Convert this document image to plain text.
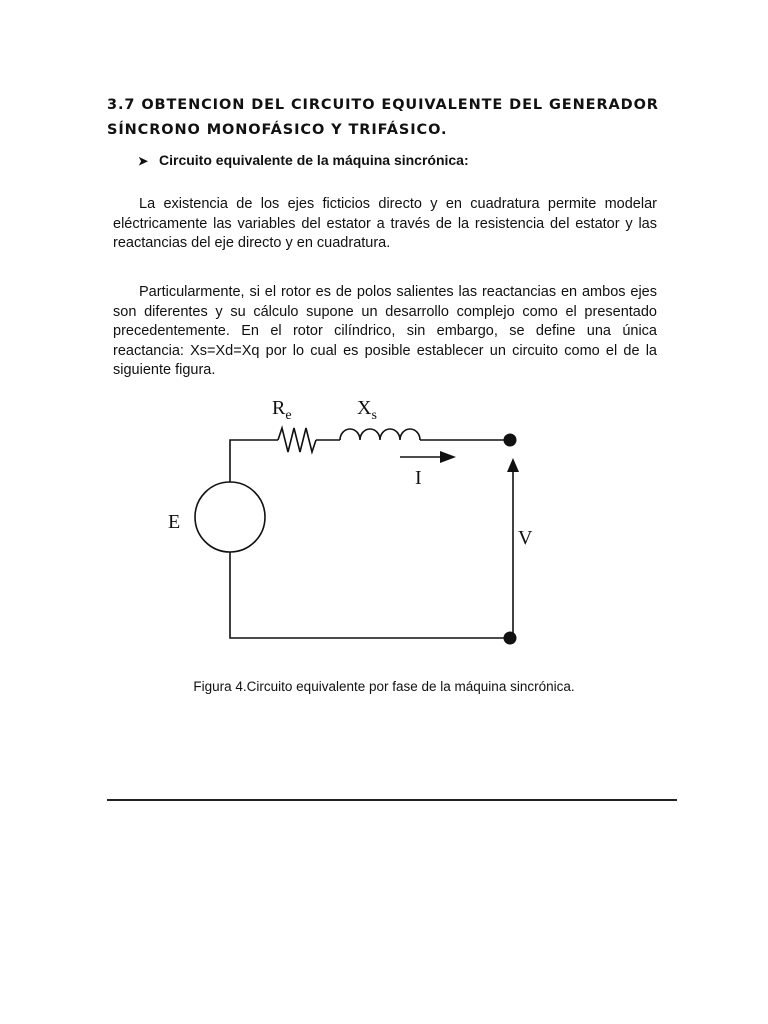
3.7 OBTENCION DEL CIRCUITO EQUIVALENTE DEL GENERADOR SÍNCRONO MONOFÁSICO Y TRIFÁSICO.
➤ Circuito equivalente de la máquina sincrónica:

La existencia de los ejes ficticios directo y en cuadratura permite modelar eléctricamente las variables del estator a través de la resistencia del estator y las reactancias del eje directo y en cuadratura.

Particularmente, si el rotor es de polos salientes las reactancias en ambos ejes son diferentes y su cálculo supone un desarrollo complejo como el presentado precedentemente. En el rotor cilíndrico, sin embargo, se define una única reactancia: Xs=Xd=Xq por lo cual es posible establecer un circuito como el de la siguiente figura.

$R_e$	$X_s$
I
E
V
Figura 4.Circuito equivalente por fase de la máquina sincrónica.
